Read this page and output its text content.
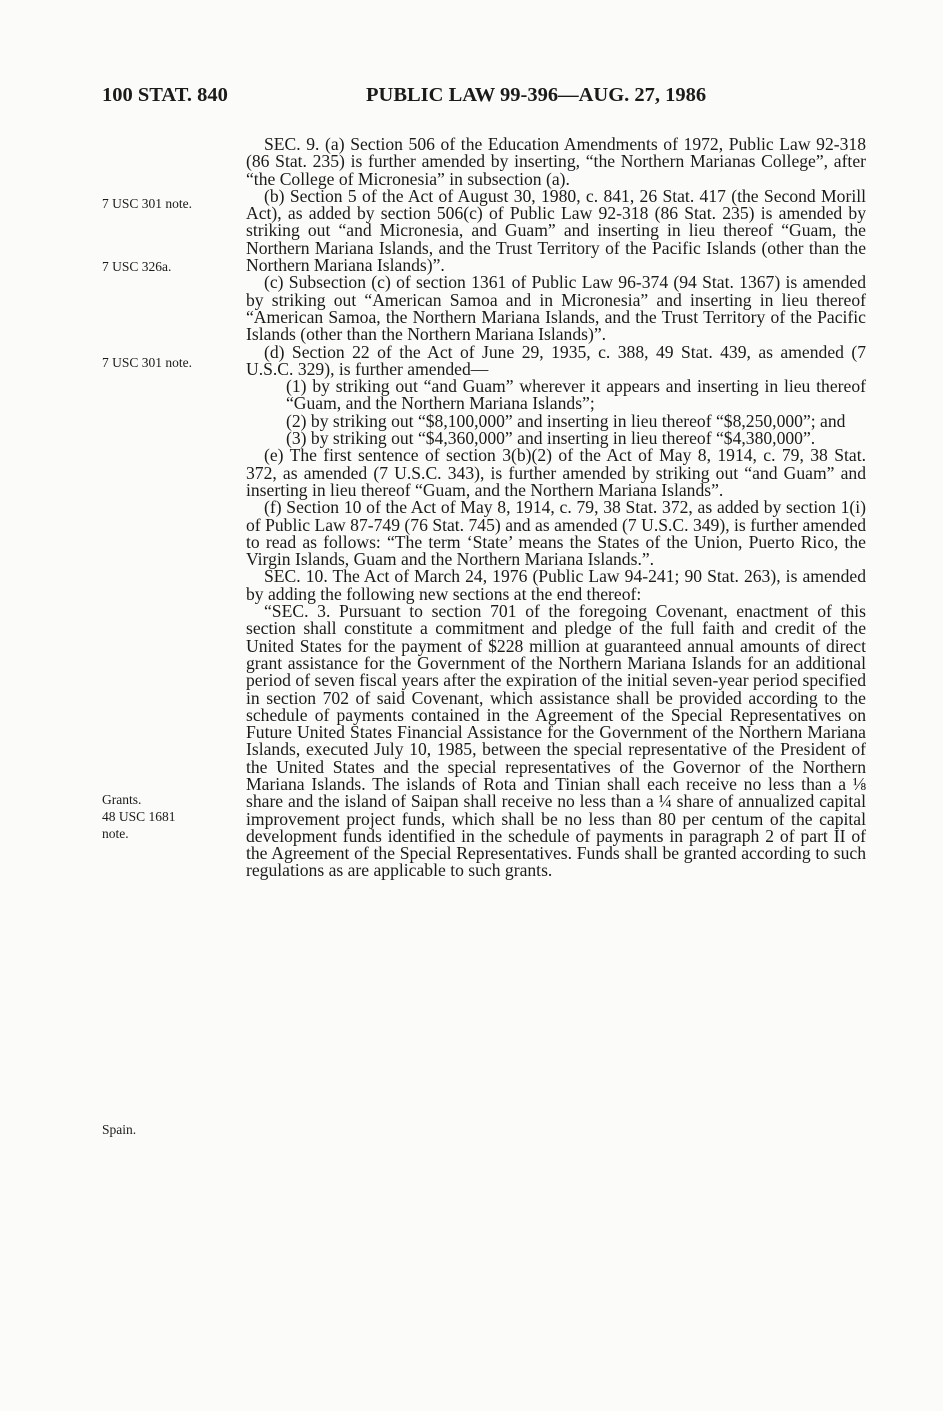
100 STAT. 840	PUBLIC LAW 99-396—AUG. 27, 1986
7 USC 301 note.
7 USC 326a.
7 USC 301 note.
Grants.
48 USC 1681
note.
Spain.

SEC. 9. (a) Section 506 of the Education Amendments of 1972, Public Law 92-318 (86 Stat. 235) is further amended by inserting, “the Northern Marianas College”, after “the College of Micronesia” in subsection (a).

(b) Section 5 of the Act of August 30, 1980, c. 841, 26 Stat. 417 (the Second Morill Act), as added by section 506(c) of Public Law 92-318 (86 Stat. 235) is amended by striking out “and Micronesia, and Guam” and inserting in lieu thereof “Guam, the Northern Mariana Islands, and the Trust Territory of the Pacific Islands (other than the Northern Mariana Islands)”.

(c) Subsection (c) of section 1361 of Public Law 96-374 (94 Stat. 1367) is amended by striking out “American Samoa and in Micronesia” and inserting in lieu thereof “American Samoa, the Northern Mariana Islands, and the Trust Territory of the Pacific Islands (other than the Northern Mariana Islands)”.

(d) Section 22 of the Act of June 29, 1935, c. 388, 49 Stat. 439, as amended (7 U.S.C. 329), is further amended—

(1) by striking out “and Guam” wherever it appears and inserting in lieu thereof “Guam, and the Northern Mariana Islands”;

(2) by striking out “$8,100,000” and inserting in lieu thereof “$8,250,000”; and

(3) by striking out “$4,360,000” and inserting in lieu thereof “$4,380,000”.

(e) The first sentence of section 3(b)(2) of the Act of May 8, 1914, c. 79, 38 Stat. 372, as amended (7 U.S.C. 343), is further amended by striking out “and Guam” and inserting in lieu thereof “Guam, and the Northern Mariana Islands”.

(f) Section 10 of the Act of May 8, 1914, c. 79, 38 Stat. 372, as added by section 1(i) of Public Law 87-749 (76 Stat. 745) and as amended (7 U.S.C. 349), is further amended to read as follows: “The term ‘State’ means the States of the Union, Puerto Rico, the Virgin Islands, Guam and the Northern Mariana Islands.”.

SEC. 10. The Act of March 24, 1976 (Public Law 94-241; 90 Stat. 263), is amended by adding the following new sections at the end thereof:

“SEC. 3. Pursuant to section 701 of the foregoing Covenant, enactment of this section shall constitute a commitment and pledge of the full faith and credit of the United States for the payment of $228 million at guaranteed annual amounts of direct grant assistance for the Government of the Northern Mariana Islands for an additional period of seven fiscal years after the expiration of the initial seven-year period specified in section 702 of said Covenant, which assistance shall be provided according to the schedule of payments contained in the Agreement of the Special Representatives on Future United States Financial Assistance for the Government of the Northern Mariana Islands, executed July 10, 1985, between the special representative of the President of the United States and the special representatives of the Governor of the Northern Mariana Islands. The islands of Rota and Tinian shall each receive no less than a ⅛ share and the island of Saipan shall receive no less than a ¼ share of annualized capital improvement project funds, which shall be no less than 80 per centum of the capital development funds identified in the schedule of payments in paragraph 2 of part II of the Agreement of the Special Representatives. Funds shall be granted according to such regulations as are applicable to such grants.
